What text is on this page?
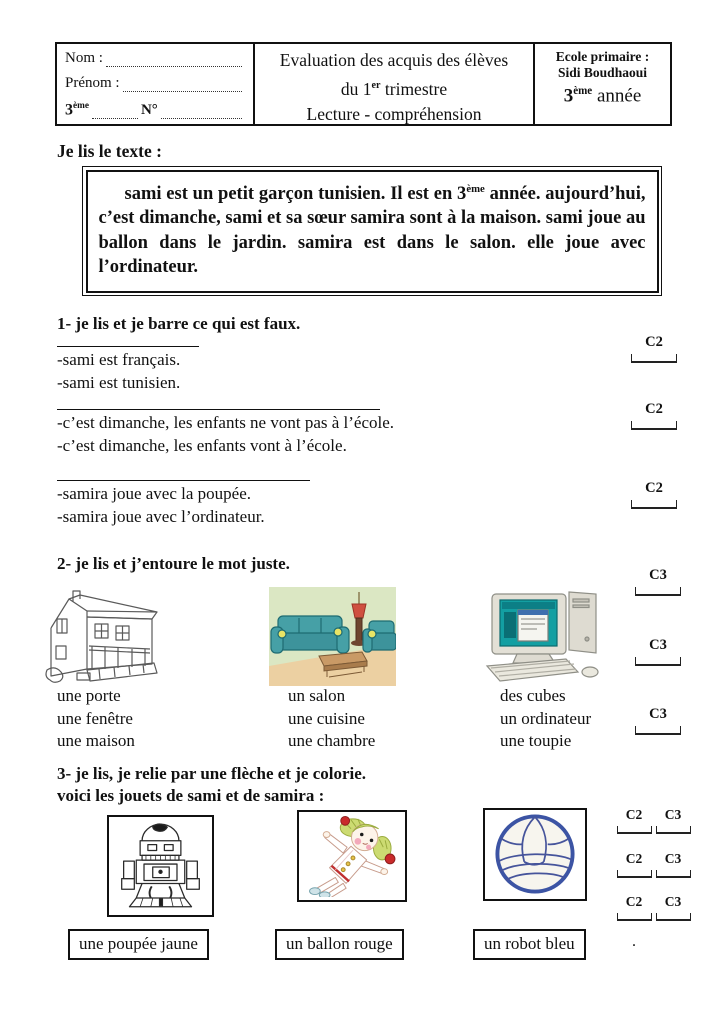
Nom :
Prénom :
3ème	N°
Evaluation des acquis des élèves
du 1er trimestre
Lecture - compréhension
Ecole primaire :
Sidi Boudhaoui
3ème année
Je lis le texte :

sami est un petit garçon tunisien. Il est en 3ème année. aujourd’hui, c’est dimanche, sami et sa sœur samira sont à la maison. sami joue au ballon dans le jardin. samira est dans le salon. elle joue avec l’ordinateur.

1- je lis et je barre ce qui est faux.
-sami est français.
-sami est tunisien.
C2
-c’est dimanche, les enfants ne vont pas à l’école.
-c’est dimanche, les enfants vont à l’école.
C2
-samira joue avec la poupée.
-samira joue avec l’ordinateur.
C2
2- je lis et j’entoure le mot juste.
C3
C3
C3
une porte
une fenêtre
une maison
un salon
une cuisine
une chambre
des cubes
un ordinateur
une toupie
3- je lis, je relie par une flèche et je colorie.
voici les jouets de sami et de samira :
C2	C3
C2	C3
C2	C3
une poupée jaune	un ballon rouge	un robot bleu	.
